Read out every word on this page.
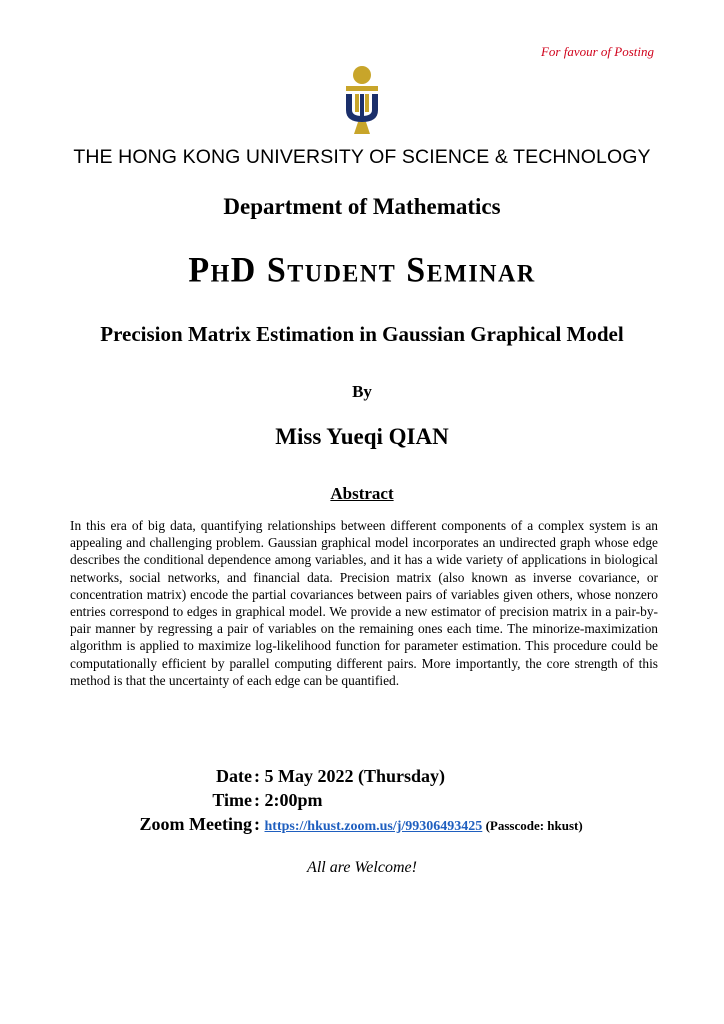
For favour of Posting
THE HONG KONG UNIVERSITY OF SCIENCE & TECHNOLOGY
Department of Mathematics
PhD Student Seminar
Precision Matrix Estimation in Gaussian Graphical Model
By
Miss Yueqi QIAN
Abstract
In this era of big data, quantifying relationships between different components of a complex system is an appealing and challenging problem. Gaussian graphical model incorporates an undirected graph whose edge describes the conditional dependence among variables, and it has a wide variety of applications in biological networks, social networks, and financial data. Precision matrix (also known as inverse covariance, or concentration matrix) encode the partial covariances between pairs of variables given others, whose nonzero entries correspond to edges in graphical model. We provide a new estimator of precision matrix in a pair-by-pair manner by regressing a pair of variables on the remaining ones each time. The minorize-maximization algorithm is applied to maximize log-likelihood function for parameter estimation. This procedure could be computationally efficient by parallel computing different pairs. More importantly, the core strength of this method is that the uncertainty of each edge can be quantified.
Date : 5 May 2022 (Thursday)
Time : 2:00pm
Zoom Meeting : https://hkust.zoom.us/j/99306493425 (Passcode: hkust)
All are Welcome!
